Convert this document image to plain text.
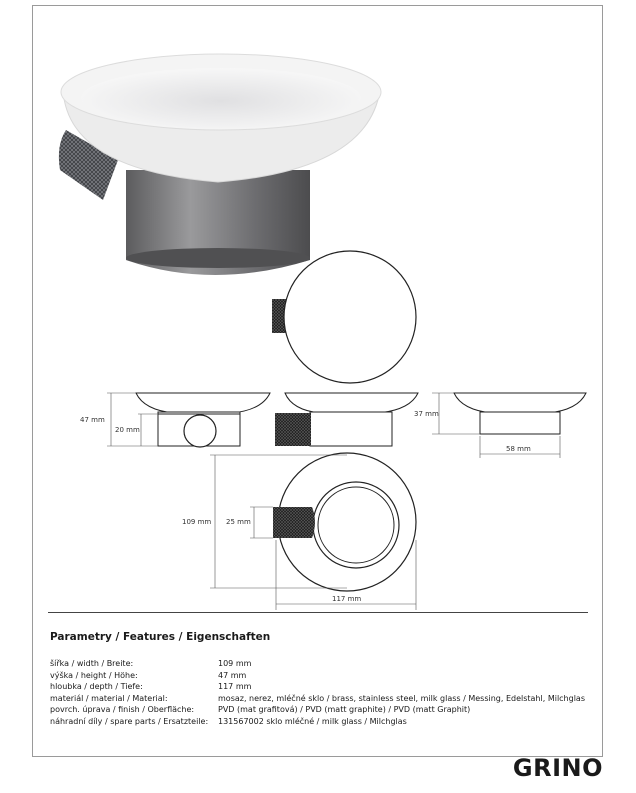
47 mm
20 mm
37 mm
58 mm
109 mm 25 mm
117 mm
Parametry / Features / Eigenschaften
šířka / width / Breite:	109 mm
výška / height / Höhe:	47 mm
hloubka / depth / Tiefe:	117 mm
materiál / material / Material:	mosaz, nerez, mléčné sklo / brass, stainless steel, milk glass / Messing, Edelstahl, Milchglas
povrch. úprava / finish / Oberfläche:	PVD (mat grafitová) / PVD (matt graphite) / PVD (matt Graphit)
náhradní díly / spare parts / Ersatzteile:	131567002 sklo mléčné / milk glass / Milchglas
GRINO
